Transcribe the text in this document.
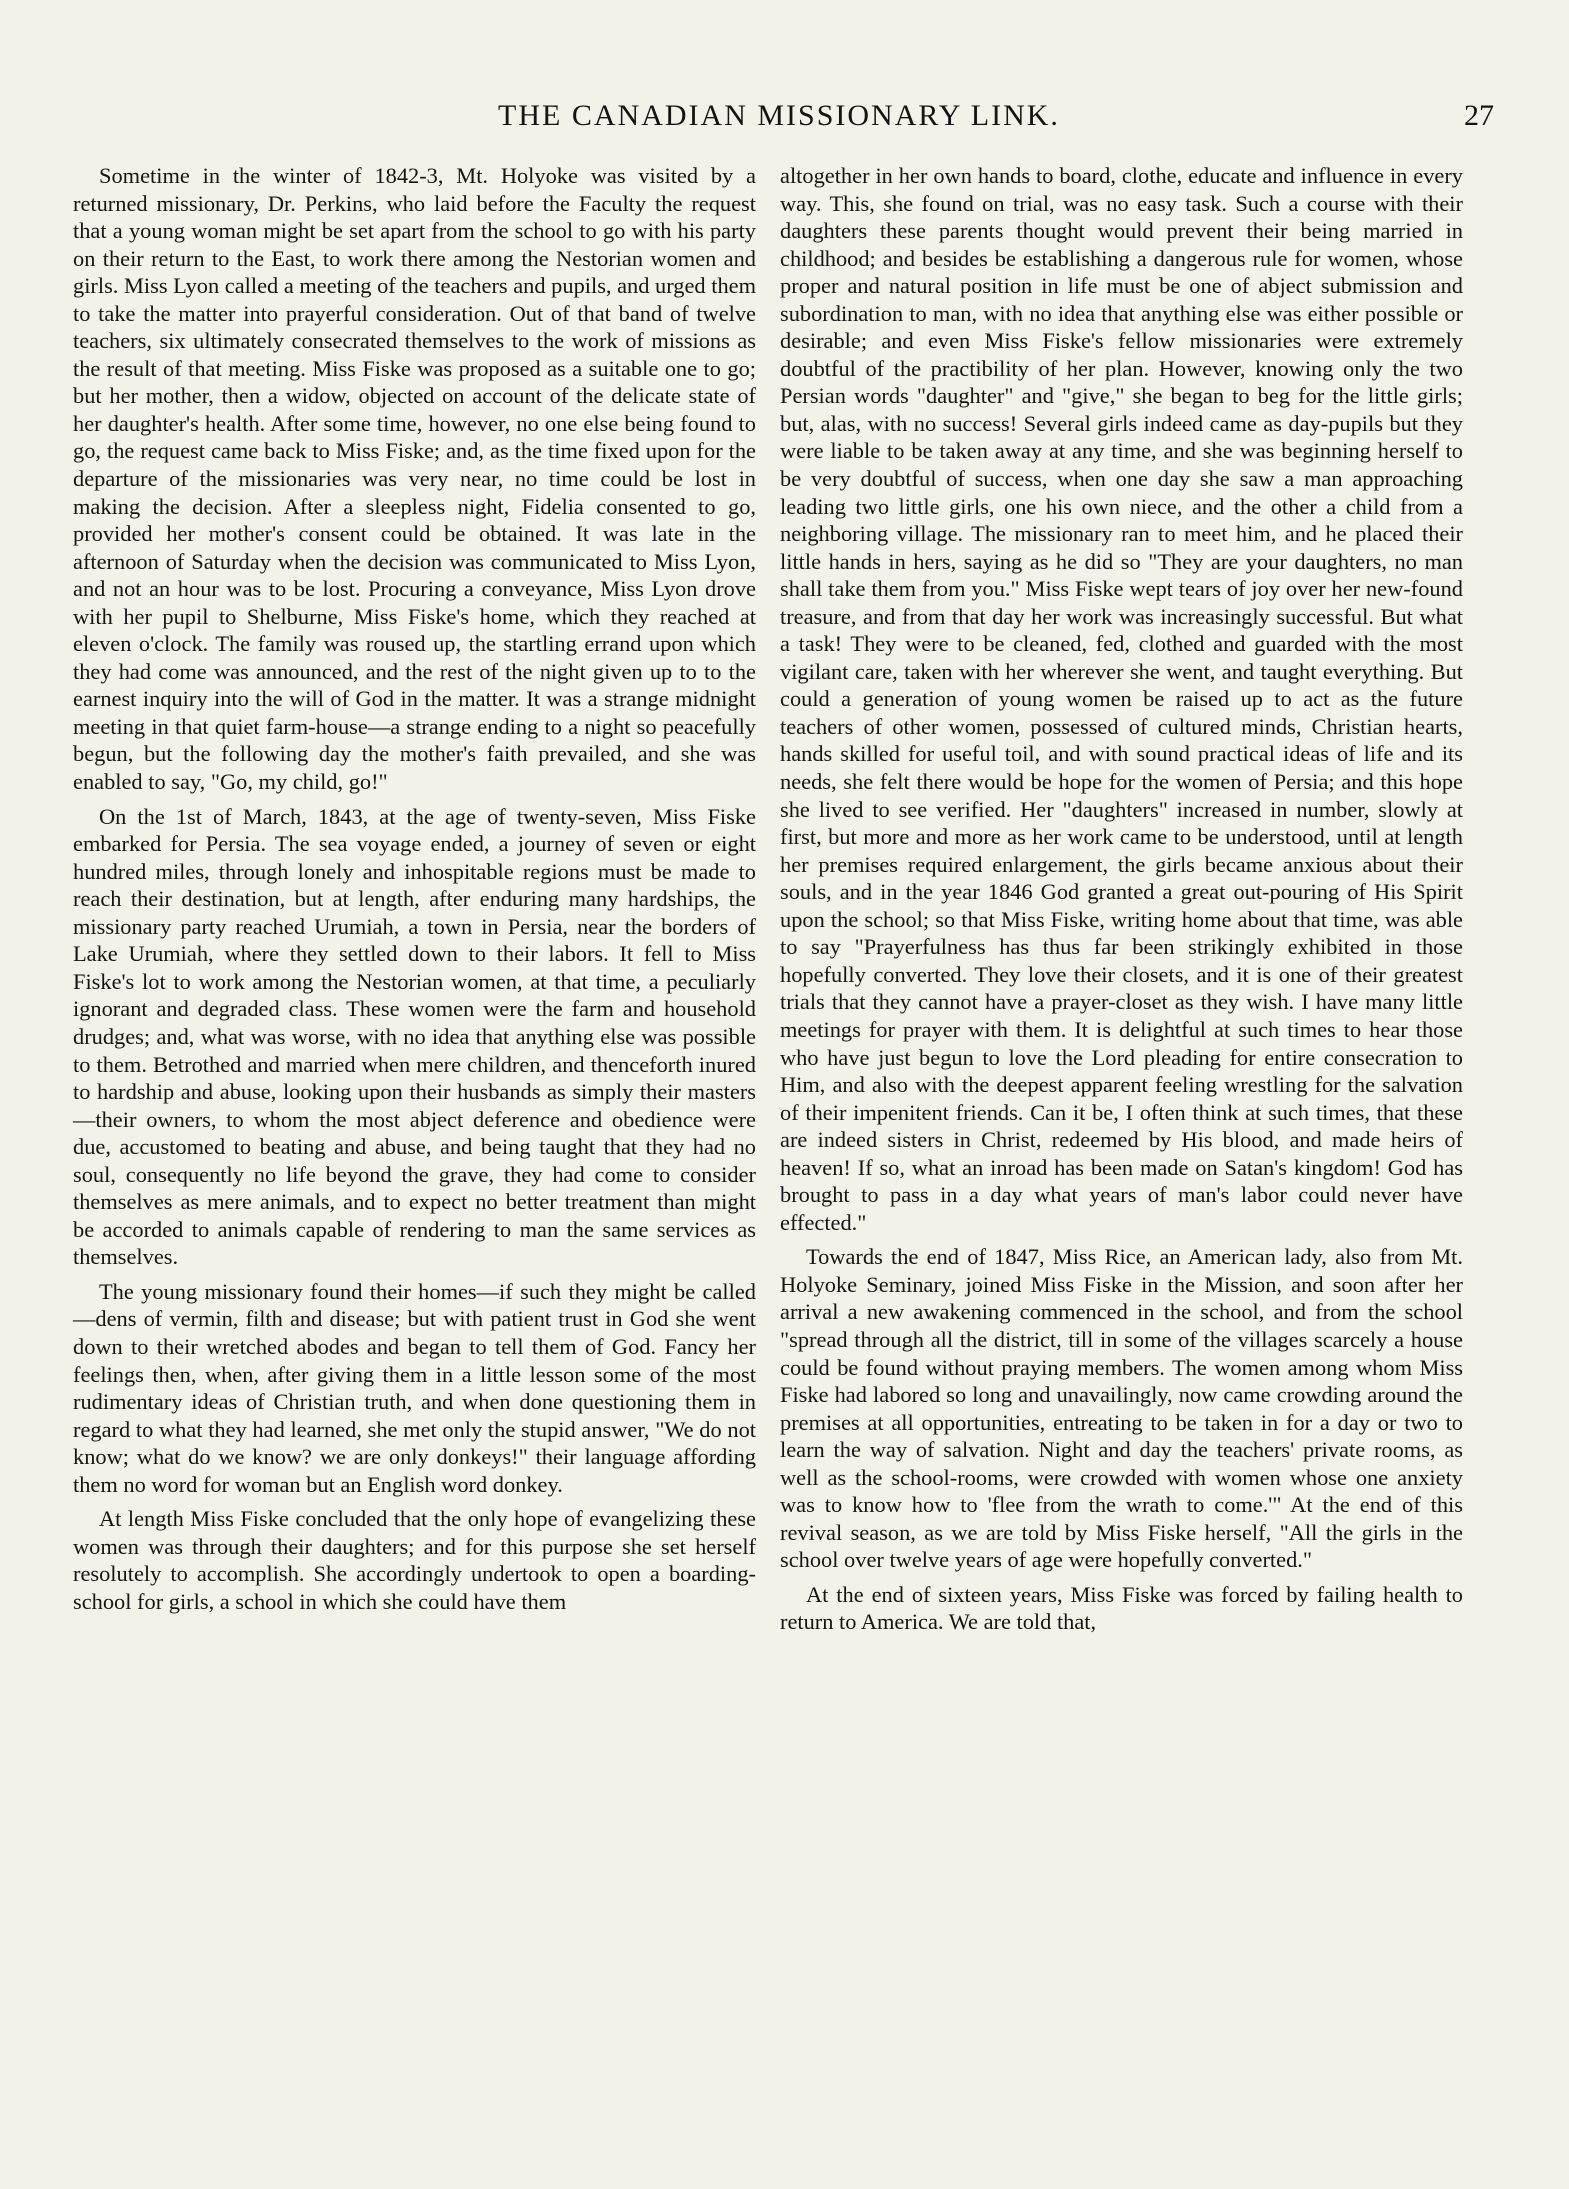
THE CANADIAN MISSIONARY LINK.	27

Sometime in the winter of 1842-3, Mt. Holyoke was visited by a returned missionary, Dr. Perkins, who laid before the Faculty the request that a young woman might be set apart from the school to go with his party on their return to the East, to work there among the Nestorian women and girls. Miss Lyon called a meeting of the teachers and pupils, and urged them to take the matter into prayerful consideration. Out of that band of twelve teachers, six ultimately consecrated themselves to the work of missions as the result of that meeting. Miss Fiske was proposed as a suitable one to go; but her mother, then a widow, objected on account of the delicate state of her daughter's health. After some time, however, no one else being found to go, the request came back to Miss Fiske; and, as the time fixed upon for the departure of the missionaries was very near, no time could be lost in making the decision. After a sleepless night, Fidelia consented to go, provided her mother's consent could be obtained. It was late in the afternoon of Saturday when the decision was communicated to Miss Lyon, and not an hour was to be lost. Procuring a conveyance, Miss Lyon drove with her pupil to Shelburne, Miss Fiske's home, which they reached at eleven o'clock. The family was roused up, the startling errand upon which they had come was announced, and the rest of the night given up to to the earnest inquiry into the will of God in the matter. It was a strange midnight meeting in that quiet farm-house—a strange ending to a night so peacefully begun, but the following day the mother's faith prevailed, and she was enabled to say, "Go, my child, go!"

On the 1st of March, 1843, at the age of twenty-seven, Miss Fiske embarked for Persia. The sea voyage ended, a journey of seven or eight hundred miles, through lonely and inhospitable regions must be made to reach their destination, but at length, after enduring many hardships, the missionary party reached Urumiah, a town in Persia, near the borders of Lake Urumiah, where they settled down to their labors. It fell to Miss Fiske's lot to work among the Nestorian women, at that time, a peculiarly ignorant and degraded class. These women were the farm and household drudges; and, what was worse, with no idea that anything else was possible to them. Betrothed and married when mere children, and thenceforth inured to hardship and abuse, looking upon their husbands as simply their masters—their owners, to whom the most abject deference and obedience were due, accustomed to beating and abuse, and being taught that they had no soul, consequently no life beyond the grave, they had come to consider themselves as mere animals, and to expect no better treatment than might be accorded to animals capable of rendering to man the same services as themselves.

The young missionary found their homes—if such they might be called—dens of vermin, filth and disease; but with patient trust in God she went down to their wretched abodes and began to tell them of God. Fancy her feelings then, when, after giving them in a little lesson some of the most rudimentary ideas of Christian truth, and when done questioning them in regard to what they had learned, she met only the stupid answer, "We do not know; what do we know? we are only donkeys!" their language affording them no word for woman but an English word donkey.

At length Miss Fiske concluded that the only hope of evangelizing these women was through their daughters; and for this purpose she set herself resolutely to accomplish. She accordingly undertook to open a boarding-school for girls, a school in which she could have them

altogether in her own hands to board, clothe, educate and influence in every way. This, she found on trial, was no easy task. Such a course with their daughters these parents thought would prevent their being married in childhood; and besides be establishing a dangerous rule for women, whose proper and natural position in life must be one of abject submission and subordination to man, with no idea that anything else was either possible or desirable; and even Miss Fiske's fellow missionaries were extremely doubtful of the practibility of her plan. However, knowing only the two Persian words "daughter" and "give," she began to beg for the little girls; but, alas, with no success! Several girls indeed came as day-pupils but they were liable to be taken away at any time, and she was beginning herself to be very doubtful of success, when one day she saw a man approaching leading two little girls, one his own niece, and the other a child from a neighboring village. The missionary ran to meet him, and he placed their little hands in hers, saying as he did so "They are your daughters, no man shall take them from you." Miss Fiske wept tears of joy over her new-found treasure, and from that day her work was increasingly successful. But what a task! They were to be cleaned, fed, clothed and guarded with the most vigilant care, taken with her wherever she went, and taught everything. But could a generation of young women be raised up to act as the future teachers of other women, possessed of cultured minds, Christian hearts, hands skilled for useful toil, and with sound practical ideas of life and its needs, she felt there would be hope for the women of Persia; and this hope she lived to see verified. Her "daughters" increased in number, slowly at first, but more and more as her work came to be understood, until at length her premises required enlargement, the girls became anxious about their souls, and in the year 1846 God granted a great out-pouring of His Spirit upon the school; so that Miss Fiske, writing home about that time, was able to say "Prayerfulness has thus far been strikingly exhibited in those hopefully converted. They love their closets, and it is one of their greatest trials that they cannot have a prayer-closet as they wish. I have many little meetings for prayer with them. It is delightful at such times to hear those who have just begun to love the Lord pleading for entire consecration to Him, and also with the deepest apparent feeling wrestling for the salvation of their impenitent friends. Can it be, I often think at such times, that these are indeed sisters in Christ, redeemed by His blood, and made heirs of heaven! If so, what an inroad has been made on Satan's kingdom! God has brought to pass in a day what years of man's labor could never have effected."

Towards the end of 1847, Miss Rice, an American lady, also from Mt. Holyoke Seminary, joined Miss Fiske in the Mission, and soon after her arrival a new awakening commenced in the school, and from the school "spread through all the district, till in some of the villages scarcely a house could be found without praying members. The women among whom Miss Fiske had labored so long and unavailingly, now came crowding around the premises at all opportunities, entreating to be taken in for a day or two to learn the way of salvation. Night and day the teachers' private rooms, as well as the school-rooms, were crowded with women whose one anxiety was to know how to 'flee from the wrath to come.'" At the end of this revival season, as we are told by Miss Fiske herself, "All the girls in the school over twelve years of age were hopefully converted."

At the end of sixteen years, Miss Fiske was forced by failing health to return to America. We are told that,
